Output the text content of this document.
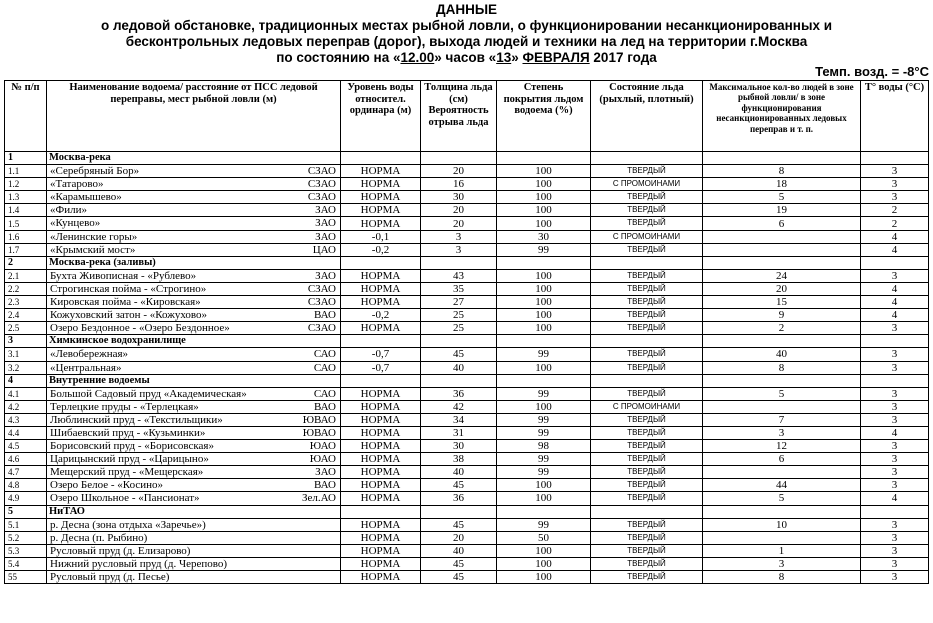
ДАННЫЕ
о ледовой обстановке, традиционных местах рыбной ловли, о функционировании несанкционированных и
бесконтрольных ледовых переправ (дорог), выхода людей и техники на лед на территории г.Москва
по состоянию на «12.00» часов «13» ФЕВРАЛЯ 2017 года
Темп. возд. = -8°С
№ п/п	Наименование водоема/ расстояние от ПСС ледовой переправы, мест рыбной ловли (м)	Уровень воды относител. ординара (м)	Толщина льда (см) Вероятность отрыва льда	Степень покрытия льдом водоема (%)	Состояние льда (рыхлый, плотный)	Максимальное кол-во людей в зоне рыбной ловли/ в зоне функционирования несанкционированных ледовых переправ и т. п.	Т° воды (°С)
1	Москва-река						
1.1	«Серебряный Бор» СЗАО	НОРМА	20	100	ТВЕРДЫЙ	8	3
1.2	«Татарово» СЗАО	НОРМА	16	100	С ПРОМОИНАМИ	18	3
1.3	«Карамышево» СЗАО	НОРМА	30	100	ТВЕРДЫЙ	5	3
1.4	«Фили» ЗАО	НОРМА	20	100	ТВЕРДЫЙ	19	2
1.5	«Кунцево» ЗАО	НОРМА	20	100	ТВЕРДЫЙ	6	2
1.6	«Ленинские горы» ЗАО	-0,1	3	30	С ПРОМОИНАМИ		4
1.7	«Крымский мост» ЦАО	-0,2	3	99	ТВЕРДЫЙ		4
2	Москва-река (заливы)						
2.1	Бухта Живописная - «Рублево» ЗАО	НОРМА	43	100	ТВЕРДЫЙ	24	3
2.2	Строгинская пойма - «Строгино» СЗАО	НОРМА	35	100	ТВЕРДЫЙ	20	4
2.3	Кировская пойма - «Кировская» СЗАО	НОРМА	27	100	ТВЕРДЫЙ	15	4
2.4	Кожуховский затон - «Кожухово» ВАО	-0,2	25	100	ТВЕРДЫЙ	9	4
2.5	Озеро Бездонное - «Озеро Бездонное» СЗАО	НОРМА	25	100	ТВЕРДЫЙ	2	3
3	Химкинское водохранилище						
3.1	«Левобережная» САО	-0,7	45	99	ТВЕРДЫЙ	40	3
3.2	«Центральная» САО	-0,7	40	100	ТВЕРДЫЙ	8	3
4	Внутренние водоемы						
4.1	Большой Садовый пруд «Академическая» САО	НОРМА	36	99	ТВЕРДЫЙ	5	3
4.2	Терлецкие пруды - «Терлецкая» ВАО	НОРМА	42	100	С ПРОМОИНАМИ		3
4.3	Люблинский пруд - «Текстильщики» ЮВАО	НОРМА	34	99	ТВЕРДЫЙ	7	3
4.4	Шибаевский пруд - «Кузьминки» ЮВАО	НОРМА	31	99	ТВЕРДЫЙ	3	4
4.5	Борисовский пруд - «Борисовская» ЮАО	НОРМА	30	98	ТВЕРДЫЙ	12	3
4.6	Царицынский пруд - «Царицыно» ЮАО	НОРМА	38	99	ТВЕРДЫЙ	6	3
4.7	Мещерский пруд - «Мещерская» ЗАО	НОРМА	40	99	ТВЕРДЫЙ		3
4.8	Озеро Белое - «Косино» ВАО	НОРМА	45	100	ТВЕРДЫЙ	44	3
4.9	Озеро Школьное - «Пансионат» Зел.АО	НОРМА	36	100	ТВЕРДЫЙ	5	4
5	НиТАО						
5.1	р. Десна (зона отдыха «Заречье»)	НОРМА	45	99	ТВЕРДЫЙ	10	3
5.2	р. Десна (п. Рыбино)	НОРМА	20	50	ТВЕРДЫЙ		3
5.3	Русловый пруд (д. Елизарово)	НОРМА	40	100	ТВЕРДЫЙ	1	3
5.4	Нижний русловый пруд (д. Черепово)	НОРМА	45	100	ТВЕРДЫЙ	3	3
55	Русловый пруд (д. Песье)	НОРМА	45	100	ТВЕРДЫЙ	8	3
